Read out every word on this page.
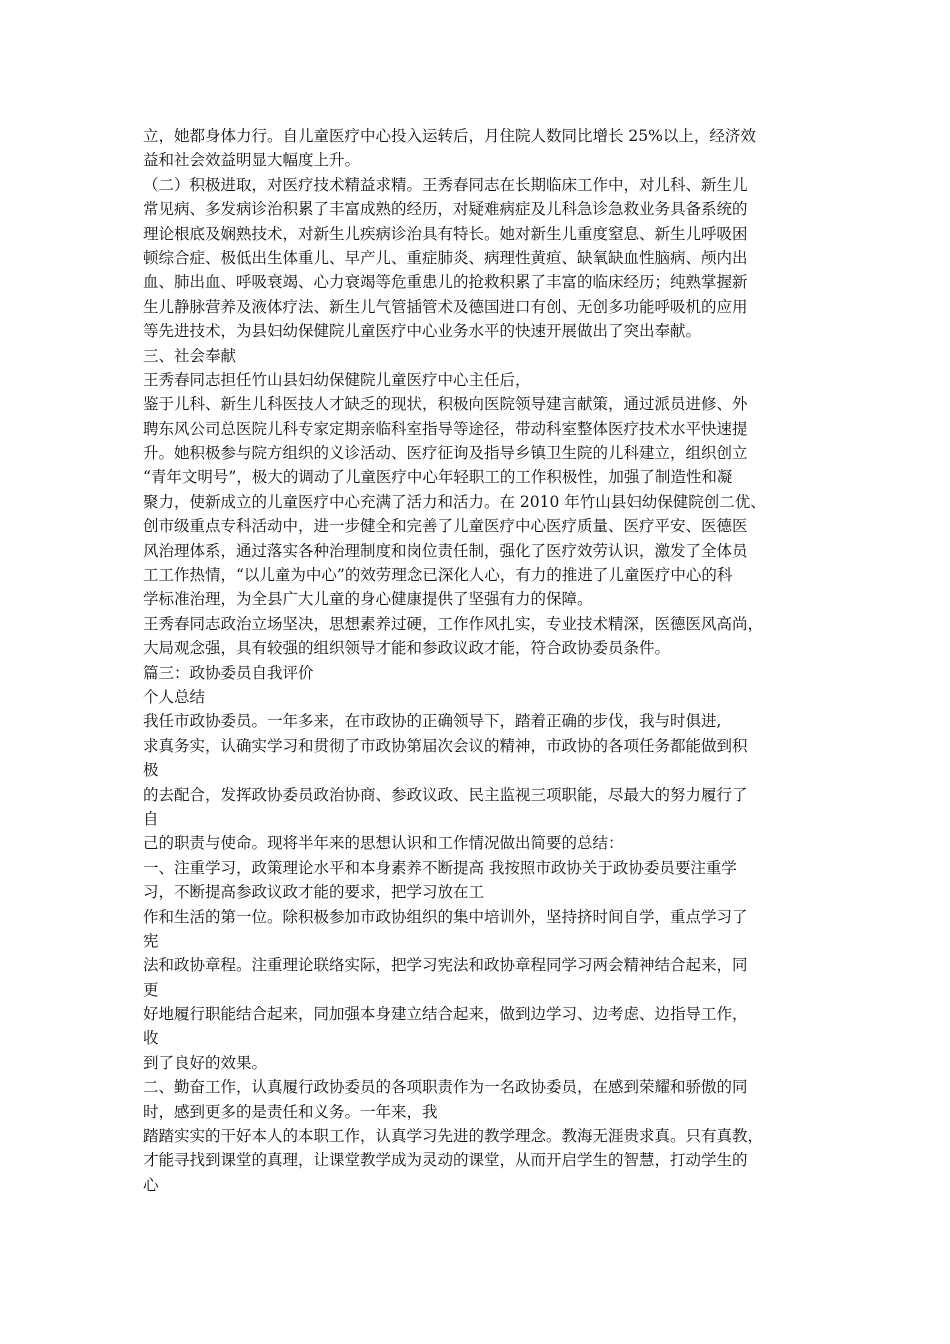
立，她都身体力行。自儿童医疗中心投入运转后，月住院人数同比增长 25%以上，经济效
益和社会效益明显大幅度上升。
（二）积极进取，对医疗技术精益求精。王秀春同志在长期临床工作中，对儿科、新生儿
常见病、多发病诊治积累了丰富成熟的经历，对疑难病症及儿科急诊急救业务具备系统的
理论根底及娴熟技术，对新生儿疾病诊治具有特长。她对新生儿重度窒息、新生儿呼吸困
顿综合症、极低出生体重儿、早产儿、重症肺炎、病理性黄疸、缺氧缺血性脑病、颅内出
血、肺出血、呼吸衰竭、心力衰竭等危重患儿的抢救积累了丰富的临床经历；纯熟掌握新
生儿静脉营养及液体疗法、新生儿气管插管术及德国进口有创、无创多功能呼吸机的应用
等先进技术，为县妇幼保健院儿童医疗中心业务水平的快速开展做出了突出奉献。
三、社会奉献
王秀春同志担任竹山县妇幼保健院儿童医疗中心主任后，
鉴于儿科、新生儿科医技人才缺乏的现状，积极向医院领导建言献策，通过派员进修、外
聘东风公司总医院儿科专家定期亲临科室指导等途径，带动科室整体医疗技术水平快速提
升。她积极参与院方组织的义诊活动、医疗征询及指导乡镇卫生院的儿科建立，组织创立
“青年文明号”，极大的调动了儿童医疗中心年轻职工的工作积极性，加强了制造性和凝
聚力，使新成立的儿童医疗中心充满了活力和活力。在 2010 年竹山县妇幼保健院创二优、
创市级重点专科活动中，进一步健全和完善了儿童医疗中心医疗质量、医疗平安、医德医
风治理体系，通过落实各种治理制度和岗位责任制，强化了医疗效劳认识，激发了全体员
工工作热情，“以儿童为中心”的效劳理念已深化人心，有力的推进了儿童医疗中心的科
学标准治理，为全县广大儿童的身心健康提供了坚强有力的保障。
王秀春同志政治立场坚决，思想素养过硬，工作作风扎实，专业技术精深，医德医风高尚，
大局观念强，具有较强的组织领导才能和参政议政才能，符合政协委员条件。
篇三：政协委员自我评价
个人总结
我任市政协委员。一年多来，在市政协的正确领导下，踏着正确的步伐，我与时俱进,
求真务实，认确实学习和贯彻了市政协第届次会议的精神，市政协的各项任务都能做到积
极
的去配合，发挥政协委员政治协商、参政议政、民主监视三项职能，尽最大的努力履行了
自
己的职责与使命。现将半年来的思想认识和工作情况做出简要的总结：
一、注重学习，政策理论水平和本身素养不断提高 我按照市政协关于政协委员要注重学
习，不断提高参政议政才能的要求，把学习放在工
作和生活的第一位。除积极参加市政协组织的集中培训外，坚持挤时间自学，重点学习了
宪
法和政协章程。注重理论联络实际，把学习宪法和政协章程同学习两会精神结合起来，同
更
好地履行职能结合起来，同加强本身建立结合起来，做到边学习、边考虑、边指导工作，
收
到了良好的效果。
二、勤奋工作，认真履行政协委员的各项职责作为一名政协委员，在感到荣耀和骄傲的同
时，感到更多的是责任和义务。一年来，我
踏踏实实的干好本人的本职工作，认真学习先进的教学理念。教海无涯贵求真。只有真教，
才能寻找到课堂的真理，让课堂教学成为灵动的课堂，从而开启学生的智慧，打动学生的
心
